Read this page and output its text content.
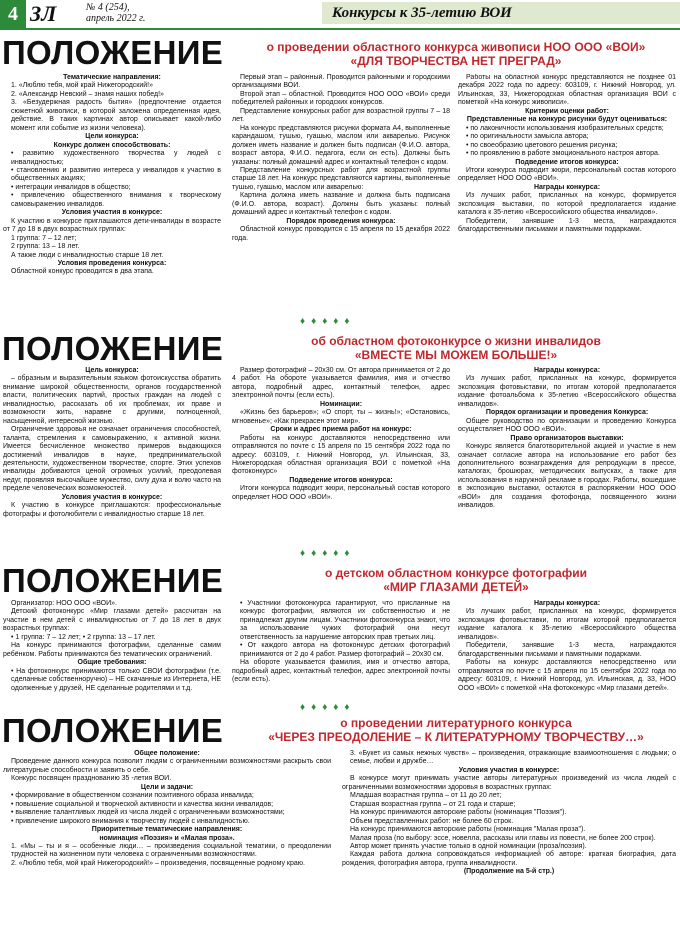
4 ЗЛ	№ 4 (254),
апрель 2022 г.	Конкурсы к 35-летию ВОИ
ПОЛОЖЕНИЕ	о проведении областного конкурса живописи НОО ООО «ВОИ»
«ДЛЯ ТВОРЧЕСТВА НЕТ ПРЕГРАД»

Тематические направления:

1. «Люблю тебя, мой край Нижегородский!»

2. «Александр Невский – знамя наших побед!»

3. «Безудержная радость бытия» (предпочтение отдается сюжетной живописи, в которой заложена определенная идея, действие. В таких картинах автор описывает какой-либо момент или событие из жизни человека).

Цели конкурса:

Конкурс должен способствовать:

• развитию художественного творчества у людей с инвалидностью;

• становлению и развитию интереса у инвалидов к участию в общественных акциях;

• интеграции инвалидов в общество;

• привлечению общественного внимания к творческому самовыражению инвалидов.

Условия участия в конкурсе:

К участию в конкурсе приглашаются дети-инвалиды в возрасте от 7 до 18 в двух возрастных группах:

1 группа: 7 – 12 лет;

2 группа: 13 – 18 лет.

А также люди с инвалидностью старше 18 лет.

Условия проведения конкурса:

Областной конкурс проводится в два этапа.

Первый этап – районный. Проводится районными и городскими организациями ВОИ.

Второй этап – областной. Проводится НОО ООО «ВОИ» среди победителей районных и городских конкурсов.

Представление конкурсных работ для возрастной группы 7 – 18 лет.

На конкурс представляются рисунки формата А4, выполненные карандашом, тушью, гуашью, маслом или акварелью. Рисунок должен иметь название и должен быть подписан (Ф.И.О. автора, возраст автора, Ф.И.О. педагога, если он есть). Должны быть указаны: полный домашний адрес и контактный телефон с кодом.

Представление конкурсных работ для возрастной группы старше 18 лет. На конкурс представляются картины, выполненные тушью, гуашью, маслом или акварелью:

Картина должна иметь название и должна быть подписана (Ф.И.О. автора, возраст). Должны быть указаны: полный домашний адрес и контактный телефон с кодом.

Порядок проведения конкурса:

Областной конкурс проводится с 15 апреля по 15 декабря 2022 года.

Работы на областной конкурс представляются не позднее 01 декабря 2022 года по адресу: 603109, г. Нижний Новгород, ул. Ильинская, 33, Нижегородская областная организация ВОИ с пометкой «На конкурс живописи».

Критерии оценки работ:

Представленные на конкурс рисунки будут оцениваться:

• по лаконичности использования изобразительных средств;

• по оригинальности замысла автора;

• по своеобразию цветового решения рисунка;

• по проявлению в работе эмоционального настроя автора.

Подведение итогов конкурса:

Итоги конкурса подводит жюри, персональный состав которого определяет НОО ООО «ВОИ».

Награды конкурса:

Из лучших работ, присланных на конкурс, формируется экспозиция выставки, по которой предполагается издание каталога к 35-летию «Всероссийского общества инвалидов».

Победители, занявшие 1-3 места, награждаются благодарственными письмами и памятными подарками.

♦♦♦♦♦
ПОЛОЖЕНИЕ	об областном фотоконкурсе о жизни инвалидов
«ВМЕСТЕ МЫ МОЖЕМ БОЛЬШЕ!»

Цель конкурса:

– образным и выразительным языком фотоискусства обратить внимание широкой общественности, органов государственной власти, политических партий, простых граждан на людей с инвалидностью, рассказать об их проблемах, их праве и возможности жить, наравне с другими, полноценной, насыщенной, интересной жизнью.

Ограничение здоровья не означает ограничения способностей, таланта, стремления к самовыражению, к активной жизни. Имеется бесчисленное множество примеров выдающихся достижений инвалидов в науке, предпринимательской деятельности, художественном творчестве, спорте. Этих успехов инвалиды добиваются ценой огромных усилий, преодолевая недуг, проявляя высочайшее мужество, силу духа и волю часто на пределе человеческих возможностей.

Условия участия в конкурсе:

К участию в конкурсе приглашаются: профессиональные фотографы и фотолюбители с инвалидностью старше 18 лет.

Размер фотографий – 20х30 см. От автора принимается от 2 до 4 работ. На обороте указывается фамилия, имя и отчество автора, подробный адрес, контактный телефон, адрес электронной почты (если есть).

Номинации:

«Жизнь без барьеров»; «О спорт, ты – жизнь!»; «Остановись, мгновенье»; «Как прекрасен этот мир».

Сроки и адрес приема работ на конкурс:

Работы на конкурс доставляются непосредственно или отправляются по почте с 15 апреля по 15 сентября 2022 года по адресу: 603109, г. Нижний Новгород, ул. Ильинская, 33, Нижегородская областная организация ВОИ с пометкой «На фотоконкурс»

Подведение итогов конкурса:

Итоги конкурса подводит жюри, персональный состав которого определяет НОО ООО «ВОИ».

Награды конкурса:

Из лучших работ, присланных на конкурс, формируется экспозиция фотовыставки, по итогам которой предполагается издание фотоальбома к 35-летию «Всероссийского общества инвалидов».

Порядок организации и проведения Конкурса:

Общее руководство по организации и проведению Конкурса осуществляет НОО ООО «ВОИ».

Право организаторов выставки:

Конкурс является благотворительной акцией и участие в нем означает согласие автора на использование его работ без дополнительного вознаграждения для репродукции в прессе, каталогах, брошюрах, методических выпусках, а также для использования в наружной рекламе в городах. Работы, вошедшие в экспозицию выставки, остаются в распоряжении НОО ООО «ВОИ» для создания фотофонда, посвященного жизни инвалидов.

♦♦♦♦♦
ПОЛОЖЕНИЕ	о детском областном конкурсе фотографии
«МИР ГЛАЗАМИ ДЕТЕЙ»

Организатор: НОО ООО «ВОИ».

Детский фотоконкурс «Мир глазами детей» рассчитан на участие в нем детей с инвалидностью от 7 до 18 лет в двух возрастных группах:

• 1 группа: 7 – 12 лет; • 2 группа: 13 – 17 лет.

На конкурс принимаются фотографии, сделанные самим ребёнком. Работы принимаются без тематических ограничений.

Общие требования:

• На фотоконкурс принимаются только СВОИ фотографии (т.е. сделанные собственноручно) – НЕ скачанные из Интернета, НЕ одолженные у друзей, НЕ сделанные родителями и т.д.

• Участники фотоконкурса гарантируют, что присланные на конкурс фотографии, являются их собственностью и не принадлежат другим лицам. Участники фотоконкурса знают, что за использование чужих фотографий они несут ответственность за нарушение авторских прав третьих лиц.

• От каждого автора на фотоконкурс детских фотографий принимаются от 2 до 4 работ. Размер фотографий – 20х30 см.

На обороте указывается фамилия, имя и отчество автора, подробный адрес, контактный телефон, адрес электронной почты (если есть).

Награды конкурса:

Из лучших работ, присланных на конкурс, формируется экспозиция фотовыставки, по итогам которой предполагается издание каталога к 35-летию «Всероссийского общества инвалидов».

Победители, занявшие 1-3 места, награждаются благодарственными письмами и памятными подарками.

Работы на конкурс доставляются непосредственно или отправляются по почте с 15 апреля по 15 сентября 2022 года по адресу: 603109, г. Нижний Новгород, ул. Ильинская, д. 33, НОО ООО «ВОИ» с пометкой «На фотоконкурс «Мир глазами детей».

♦♦♦♦♦
ПОЛОЖЕНИЕ	о проведении литературного конкурса
«ЧЕРЕЗ ПРЕОДОЛЕНИЕ – К ЛИТЕРАТУРНОМУ ТВОРЧЕСТВУ…»

Общее положение:

Проведение данного конкурса позволит людям с ограниченными возможностями раскрыть свои литературные способности и заявить о себе.

Конкурс посвящен празднованию 35 -летия ВОИ.

Цели и задачи:

• формирование в общественном сознании позитивного образа инвалида;

• повышение социальной и творческой активности и качества жизни инвалидов;

• выявление талантливых людей из числа людей с ограниченными возможностями;

• привлечение широкого внимания к творчеству людей с инвалидностью.

Приоритетные тематические направления:

номинация «Поэзия» и «Малая проза».

1. «Мы – ты и я – особенные люди… – произведения социальной тематики, о преодолении трудностей на жизненном пути человека с ограниченными возможностями.

2. «Люблю тебя, мой край Нижегородский!» – произведения, посвященные родному краю.

3. «Букет из самых нежных чувств» – произведения, отражающие взаимоотношения с людьми; о семье, любви и дружбе…

Условия участия в конкурсе:

В конкурсе могут принимать участие авторы литературных произведений из числа людей с ограниченными возможностями здоровья в возрастных группах:

Младшая возрастная группа – от 11 до 20 лет;

Старшая возрастная группа – от 21 года и старше;

На конкурс принимаются авторские работы (номинация "Поэзия").

Объем представленных работ: не более 60 строк.

На конкурс принимаются авторские работы (номинация "Малая проза").

Малая проза (по выбору: эссе, новелла, рассказы или главы из повести, не более 200 строк).

Автор может принять участие только в одной номинации (проза/поэзия).

Каждая работа должна сопровождаться информацией об авторе: краткая биография, дата рождения, фотография автора, группа инвалидности.

(Продолжение на 5-й стр.)
